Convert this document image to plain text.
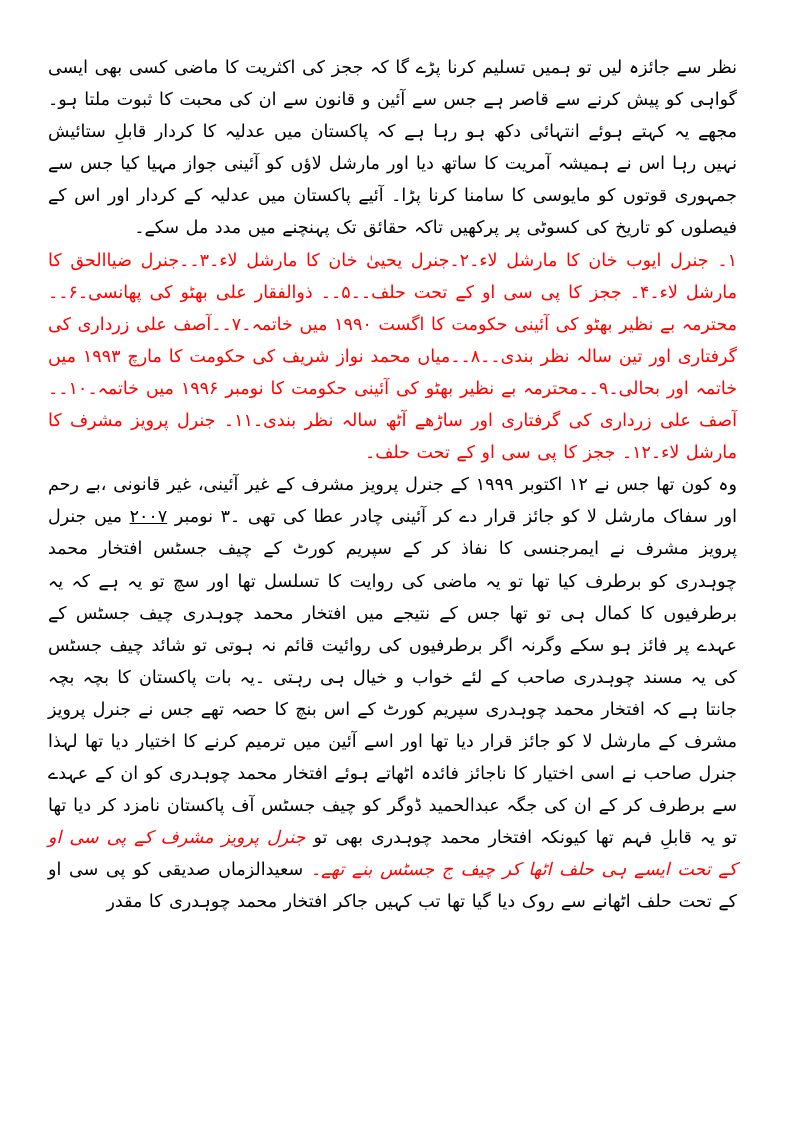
نظر سے جائزہ لیں تو ہمیں تسلیم کرنا پڑے گا کہ ججز کی اکثریت کا ماضی کسی بھی ایسی گواہی کو پیش کرنے سے قاصر ہے جس سے آئین و قانون سے ان کی محبت کا ثبوت ملتا ہو۔ مجھے یہ کہتے ہوئے انتہائی دکھ ہو رہا ہے کہ پاکستان میں عدلیہ کا کردار قابلِ ستائیش نہیں رہا اس نے ہمیشہ آمریت کا ساتھ دیا اور مارشل لاؤں کو آئینی جواز مہیا کیا جس سے جمہوری قوتوں کو مایوسی کا سامنا کرنا پڑا۔ آئیے پاکستان میں عدلیہ کے کردار اور اس کے فیصلوں کو تاریخ کی کسوٹی پر پرکھیں تاکہ حقائق تک پہنچنے میں مدد مل سکے۔

۱۔ جنرل ایوب خان کا مارشل لاء۔۲۔جنرل یحییٰ خان کا مارشل لاء۔۳۔۔جنرل ضیاالحق کا مارشل لاء۔۴۔ ججز کا پی سی او کے تحت حلف۔۔۵۔۔ ذوالفقار علی بھٹو کی پھانسی۔۶۔۔محترمہ بے نظیر بھٹو کی آئینی حکومت کا اگست ۱۹۹۰ میں خاتمہ۔۷۔۔آصف علی زرداری کی گرفتاری اور تین سالہ نظر بندی۔۔۸۔۔میاں محمد نواز شریف کی حکومت کا مارچ ۱۹۹۳ میں خاتمہ اور بحالی۔۹۔۔محترمہ بے نظیر بھٹو کی آئینی حکومت کا نومبر ۱۹۹۶ میں خاتمہ۔۱۰۔۔آصف علی زرداری کی گرفتاری اور ساڑھے آٹھ سالہ نظر بندی۔۱۱۔ جنرل پرویز مشرف کا مارشل لاء۔۱۲۔ ججز کا پی سی او کے تحت حلف۔

وہ کون تھا جس نے ۱۲ اکتوبر ۱۹۹۹ کے جنرل پرویز مشرف کے غیر آئینی، غیر قانونی ،بے رحم اور سفاک مارشل لا کو جائز قرار دے کر آئینی چادر عطا کی تھی ۔۳ نومبر ۲۰۰۷ میں جنرل پرویز مشرف نے ایمرجنسی کا نفاذ کر کے سپریم کورٹ کے چیف جسٹس افتخار محمد چوہدری کو برطرف کیا تھا تو یہ ماضی کی روایت کا تسلسل تھا اور سچ تو یہ ہے کہ یہ برطرفیوں کا کمال ہی تو تھا جس کے نتیجے میں افتخار محمد چوہدری چیف جسٹس کے عہدے پر فائز ہو سکے وگرنہ اگر برطرفیوں کی روائیت قائم نہ ہوتی تو شائد چیف جسٹس کی یہ مسند چوہدری صاحب کے لئے خواب و خیال ہی رہتی ۔یہ بات پاکستان کا بچہ بچہ جانتا ہے کہ افتخار محمد چوہدری سپریم کورٹ کے اس بنچ کا حصہ تھے جس نے جنرل پرویز مشرف کے مارشل لا کو جائز قرار دیا تھا اور اسے آئین میں ترمیم کرنے کا اختیار دیا تھا لہذا جنرل صاحب نے اسی اختیار کا ناجائز فائدہ اٹھاتے ہوئے افتخار محمد چوہدری کو ان کے عہدے سے برطرف کر کے ان کی جگہ عبدالحمید ڈوگر کو چیف جسٹس آف پاکستان نامزد کر دیا تھا تو یہ قابلِ فہم تھا کیونکہ افتخار محمد چوہدری بھی تو جنرل پرویز مشرف کے پی سی او کے تحت ایسے ہی حلف اٹھا کر چیف ج جسٹس بنے تھے۔ سعیدالزماں صدیقی کو پی سی او کے تحت حلف اٹھانے سے روک دیا گیا تھا تب کہیں جاکر افتخار محمد چوہدری کا مقدر
